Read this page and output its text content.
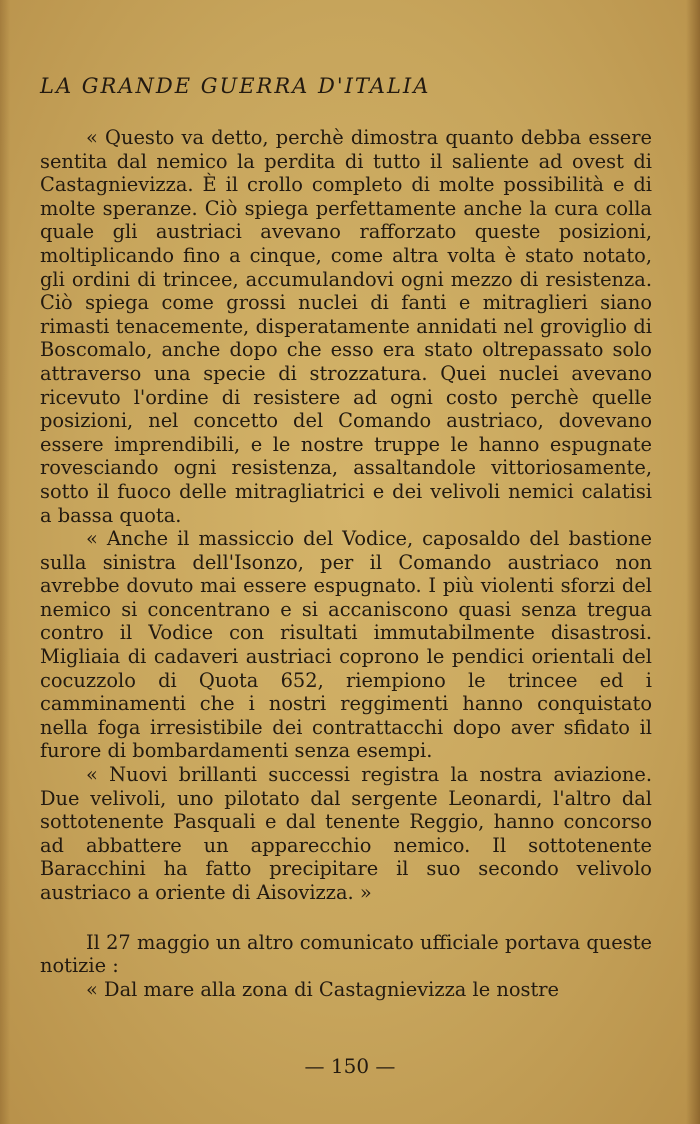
LA GRANDE GUERRA D'ITALIA

« Questo va detto, perchè dimostra quanto debba essere sentita dal nemico la perdita di tutto il saliente ad ovest di Castagnievizza. È il crollo completo di molte possibilità e di molte speranze. Ciò spiega perfettamente anche la cura colla quale gli austriaci avevano rafforzato queste posizioni, moltiplicando fino a cinque, come altra volta è stato notato, gli ordini di trincee, accumulandovi ogni mezzo di resistenza. Ciò spiega come grossi nuclei di fanti e mitraglieri siano rimasti tenacemente, disperatamente annidati nel groviglio di Boscomalo, anche dopo che esso era stato oltrepassato solo attraverso una specie di strozzatura. Quei nuclei avevano ricevuto l'ordine di resistere ad ogni costo perchè quelle posizioni, nel concetto del Comando austriaco, dovevano essere imprendibili, e le nostre truppe le hanno espugnate rovesciando ogni resistenza, assaltandole vittoriosamente, sotto il fuoco delle mitragliatrici e dei velivoli nemici calatisi a bassa quota.

« Anche il massiccio del Vodice, caposaldo del bastione sulla sinistra dell'Isonzo, per il Comando austriaco non avrebbe dovuto mai essere espugnato. I più violenti sforzi del nemico si concentrano e si accaniscono quasi senza tregua contro il Vodice con risultati immutabilmente disastrosi. Migliaia di cadaveri austriaci coprono le pendici orientali del cocuzzolo di Quota 652, riempiono le trincee ed i camminamenti che i nostri reggimenti hanno conquistato nella foga irresistibile dei contrattacchi dopo aver sfidato il furore di bombardamenti senza esempi.

« Nuovi brillanti successi registra la nostra aviazione. Due velivoli, uno pilotato dal sergente Leonardi, l'altro dal sottotenente Pasquali e dal tenente Reggio, hanno concorso ad abbattere un apparecchio nemico. Il sottotenente Baracchini ha fatto precipitare il suo secondo velivolo austriaco a oriente di Aisovizza. »

Il 27 maggio un altro comunicato ufficiale portava queste notizie :

« Dal mare alla zona di Castagnievizza le nostre

— 150 —
